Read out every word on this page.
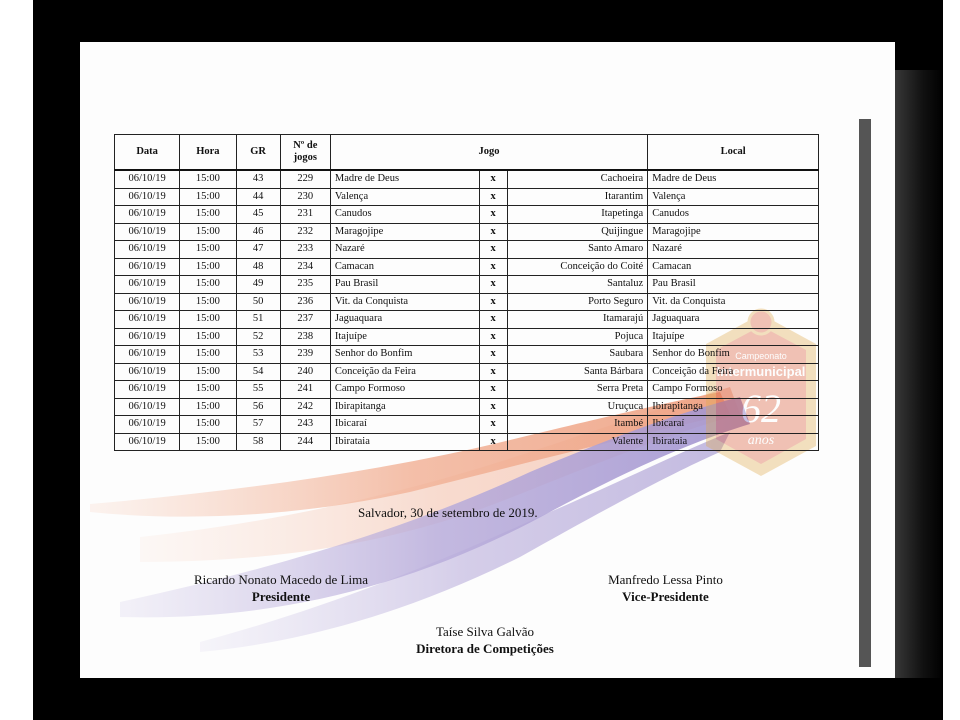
Campeonato
Intermunicipal
62
anos
Data	Hora	GR	Nº de jogos	Jogo			Local
06/10/19	15:00	43	229	Madre de Deus	x	Cachoeira	Madre de Deus
06/10/19	15:00	44	230	Valença	x	Itarantim	Valença
06/10/19	15:00	45	231	Canudos	x	Itapetinga	Canudos
06/10/19	15:00	46	232	Maragojipe	x	Quijingue	Maragojipe
06/10/19	15:00	47	233	Nazaré	x	Santo Amaro	Nazaré
06/10/19	15:00	48	234	Camacan	x	Conceição do Coité	Camacan
06/10/19	15:00	49	235	Pau Brasil	x	Santaluz	Pau Brasil
06/10/19	15:00	50	236	Vit. da Conquista	x	Porto Seguro	Vit. da Conquista
06/10/19	15:00	51	237	Jaguaquara	x	Itamarajú	Jaguaquara
06/10/19	15:00	52	238	Itajuípe	x	Pojuca	Itajuípe
06/10/19	15:00	53	239	Senhor do Bonfim	x	Saubara	Senhor do Bonfim
06/10/19	15:00	54	240	Conceição da Feira	x	Santa Bárbara	Conceição da Feira
06/10/19	15:00	55	241	Campo Formoso	x	Serra Preta	Campo Formoso
06/10/19	15:00	56	242	Ibirapitanga	x	Uruçuca	Ibirapitanga
06/10/19	15:00	57	243	Ibicaraí	x	Itambé	Ibicaraí
06/10/19	15:00	58	244	Ibirataia	x	Valente	Ibirataia
Salvador, 30 de setembro de 2019.
Ricardo Nonato Macedo de Lima
Presidente
Manfredo Lessa Pinto
Vice-Presidente
Taíse Silva Galvão
Diretora de Competições
